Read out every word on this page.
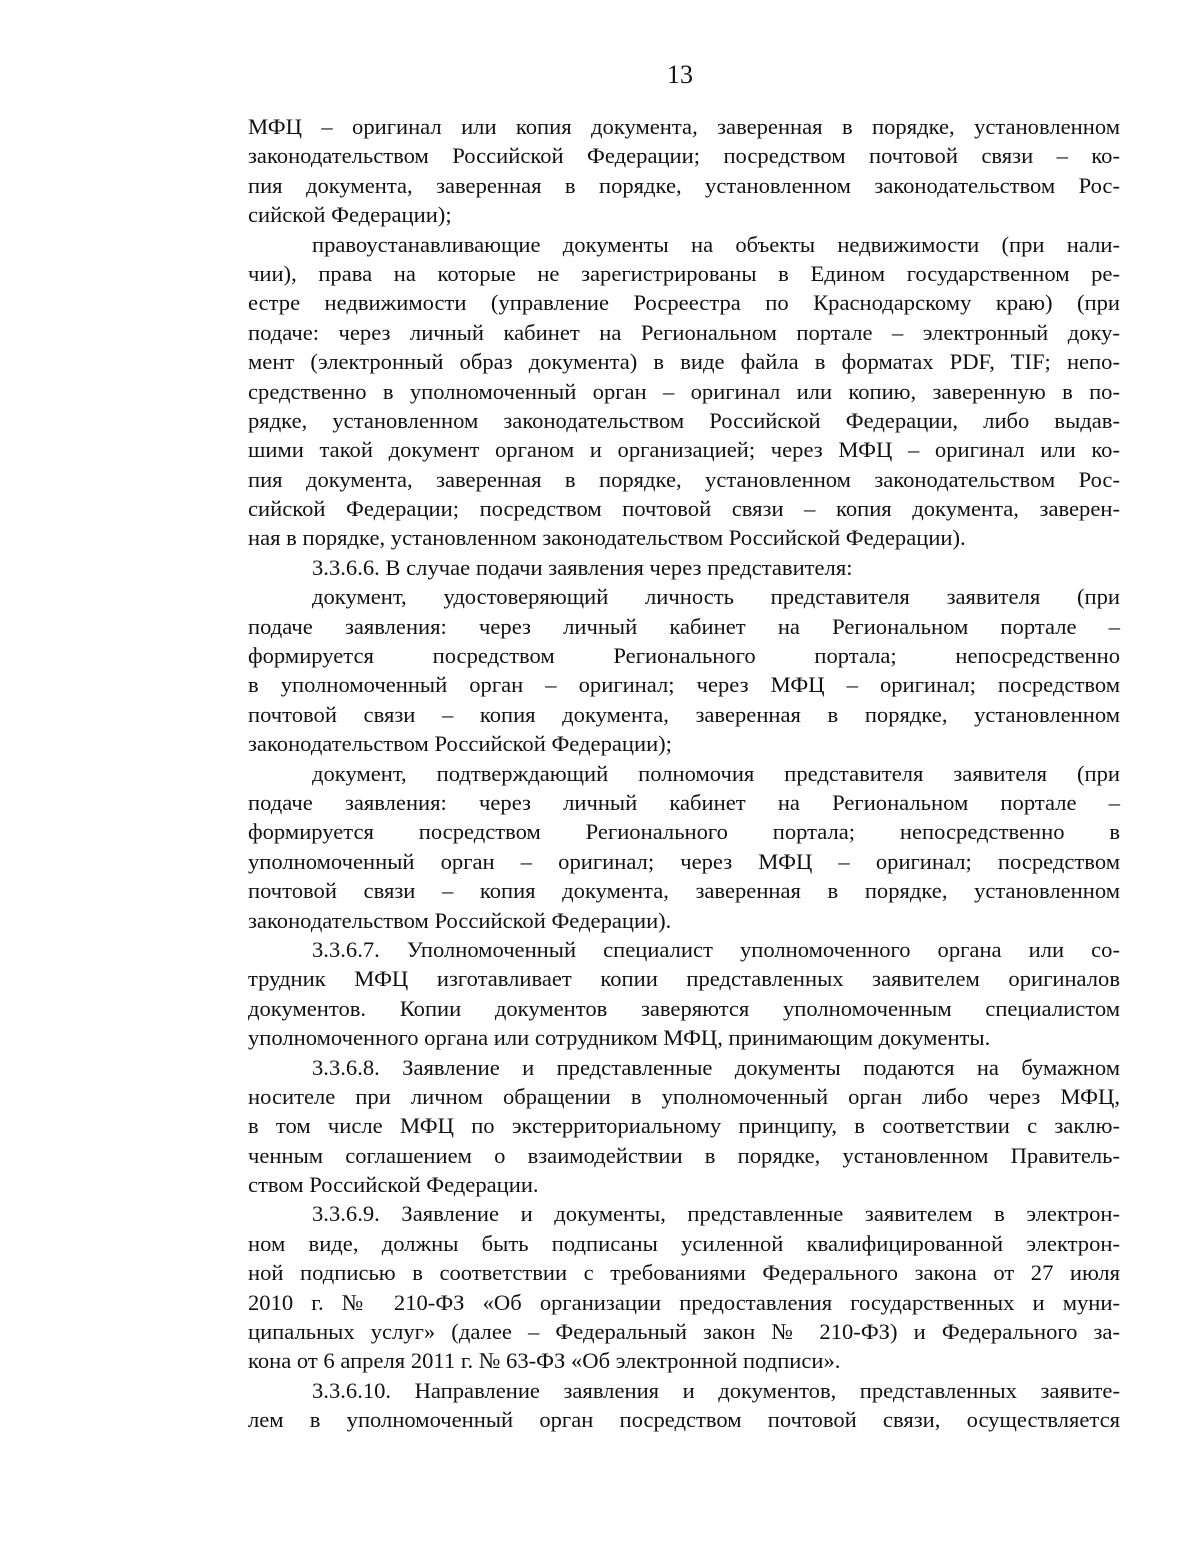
13
МФЦ – оригинал или копия документа, заверенная в порядке, установленном
законодательством Российской Федерации; посредством почтовой связи – ко-
пия документа, заверенная в порядке, установленном законодательством Рос-
сийской Федерации);
правоустанавливающие документы на объекты недвижимости (при нали-
чии), права на которые не зарегистрированы в Едином государственном ре-
естре недвижимости (управление Росреестра по Краснодарскому краю) (при
подаче: через личный кабинет на Региональном портале – электронный доку-
мент (электронный образ документа) в виде файла в форматах PDF, TIF; непо-
средственно в уполномоченный орган – оригинал или копию, заверенную в по-
рядке, установленном законодательством Российской Федерации, либо выдав-
шими такой документ органом и организацией; через МФЦ – оригинал или ко-
пия документа, заверенная в порядке, установленном законодательством Рос-
сийской Федерации; посредством почтовой связи – копия документа, заверен-
ная в порядке, установленном законодательством Российской Федерации).
3.3.6.6. В случае подачи заявления через представителя:
документ, удостоверяющий личность представителя заявителя (при
подаче заявления: через личный кабинет на Региональном портале –
формируется посредством Регионального портала; непосредственно
в уполномоченный орган – оригинал; через МФЦ – оригинал; посредством
почтовой связи – копия документа, заверенная в порядке, установленном
законодательством Российской Федерации);
документ, подтверждающий полномочия представителя заявителя (при
подаче заявления: через личный кабинет на Региональном портале –
формируется посредством Регионального портала; непосредственно в
уполномоченный орган – оригинал; через МФЦ – оригинал; посредством
почтовой связи – копия документа, заверенная в порядке, установленном
законодательством Российской Федерации).
3.3.6.7. Уполномоченный специалист уполномоченного органа или со-
трудник МФЦ изготавливает копии представленных заявителем оригиналов
документов. Копии документов заверяются уполномоченным специалистом
уполномоченного органа или сотрудником МФЦ, принимающим документы.
3.3.6.8. Заявление и представленные документы подаются на бумажном
носителе при личном обращении в уполномоченный орган либо через МФЦ,
в том числе МФЦ по экстерриториальному принципу, в соответствии с заклю-
ченным соглашением о взаимодействии в порядке, установленном Правитель-
ством Российской Федерации.
3.3.6.9. Заявление и документы, представленные заявителем в электрон-
ном виде, должны быть подписаны усиленной квалифицированной электрон-
ной подписью в соответствии с требованиями Федерального закона от 27 июля
2010 г. № 210-ФЗ «Об организации предоставления государственных и муни-
ципальных услуг» (далее – Федеральный закон № 210-ФЗ) и Федерального за-
кона от 6 апреля 2011 г. № 63-ФЗ «Об электронной подписи».
3.3.6.10. Направление заявления и документов, представленных заявите-
лем в уполномоченный орган посредством почтовой связи, осуществляется
